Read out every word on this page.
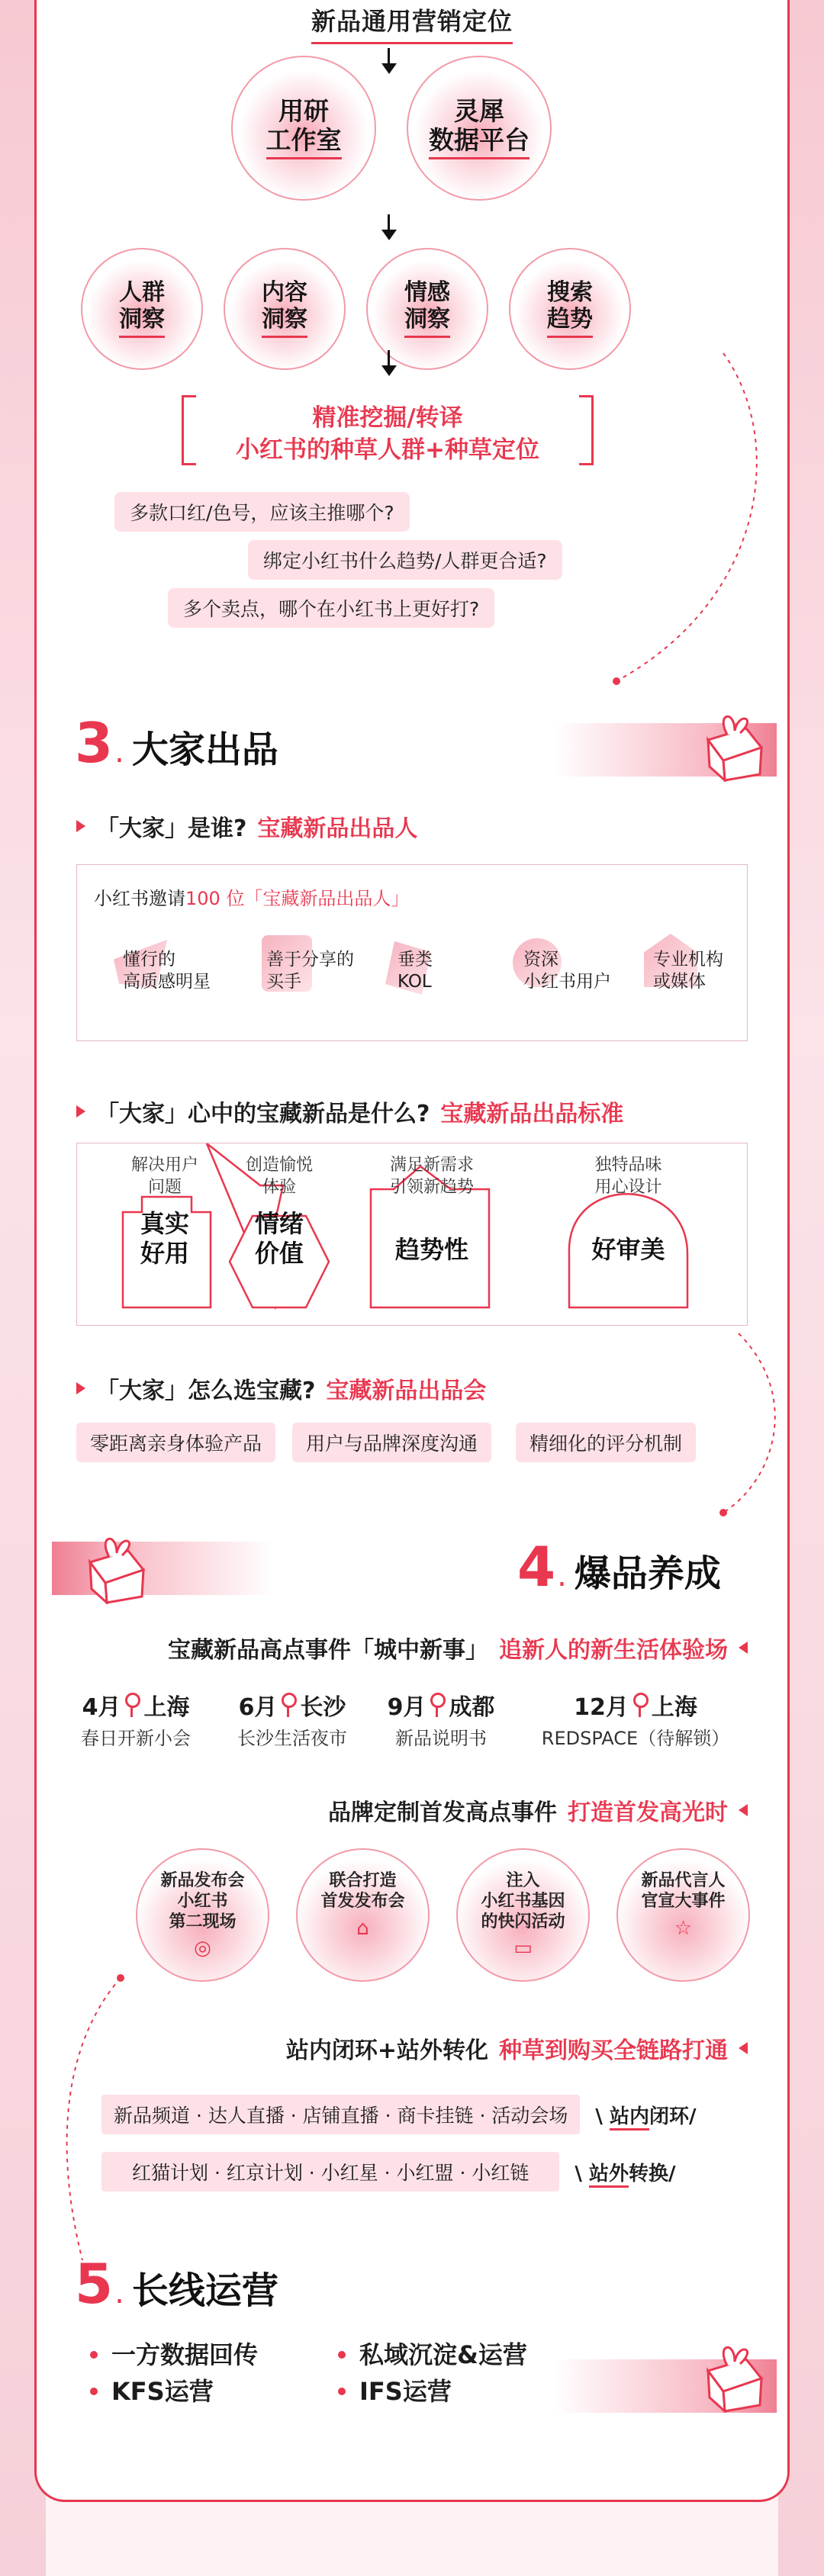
新品通用营销定位
用研
工作室
灵犀
数据平台
人群
洞察
内容
洞察
情感
洞察
搜索
趋势
精准挖掘/转译
小红书的种草人群+种草定位
多款口红/色号，应该主推哪个?
绑定小红书什么趋势/人群更合适?
多个卖点，哪个在小红书上更好打?
3 . 大家出品
「大家」是谁? 宝藏新品出品人
小红书邀请100 位「宝藏新品出品人」
懂行的
高质感明星
善于分享的
买手
垂类
KOL
资深
小红书用户
专业机构
或媒体
「大家」心中的宝藏新品是什么? 宝藏新品出品标准
解决用户
问题
真实
好用
创造愉悦
体验
情绪
价值
满足新需求
引领新趋势
趋势性
独特品味
用心设计
好审美
「大家」怎么选宝藏? 宝藏新品出品会
零距离亲身体验产品	用户与品牌深度沟通	精细化的评分机制
4 . 爆品养成
宝藏新品高点事件「城中新事」 追新人的新生活体验场
4月 上海
春日开新小会
6月 长沙
长沙生活夜市
9月 成都
新品说明书
12月 上海
REDSPACE（待解锁）
品牌定制首发高点事件 打造首发高光时
新品发布会
小红书
第二现场
◎
联合打造
首发发布会
⌂
注入
小红书基因
的快闪活动
▭
新品代言人
官宣大事件
☆
站内闭环+站外转化 种草到购买全链路打通
新品频道 · 达人直播 · 店铺直播 · 商卡挂链 · 活动会场	\ 站内闭环/
红猫计划 · 红京计划 · 小红星 · 小红盟 · 小红链	\ 站外转换/
5 . 长线运营
一方数据回传
KFS运营
私域沉淀&运营
IFS运营
